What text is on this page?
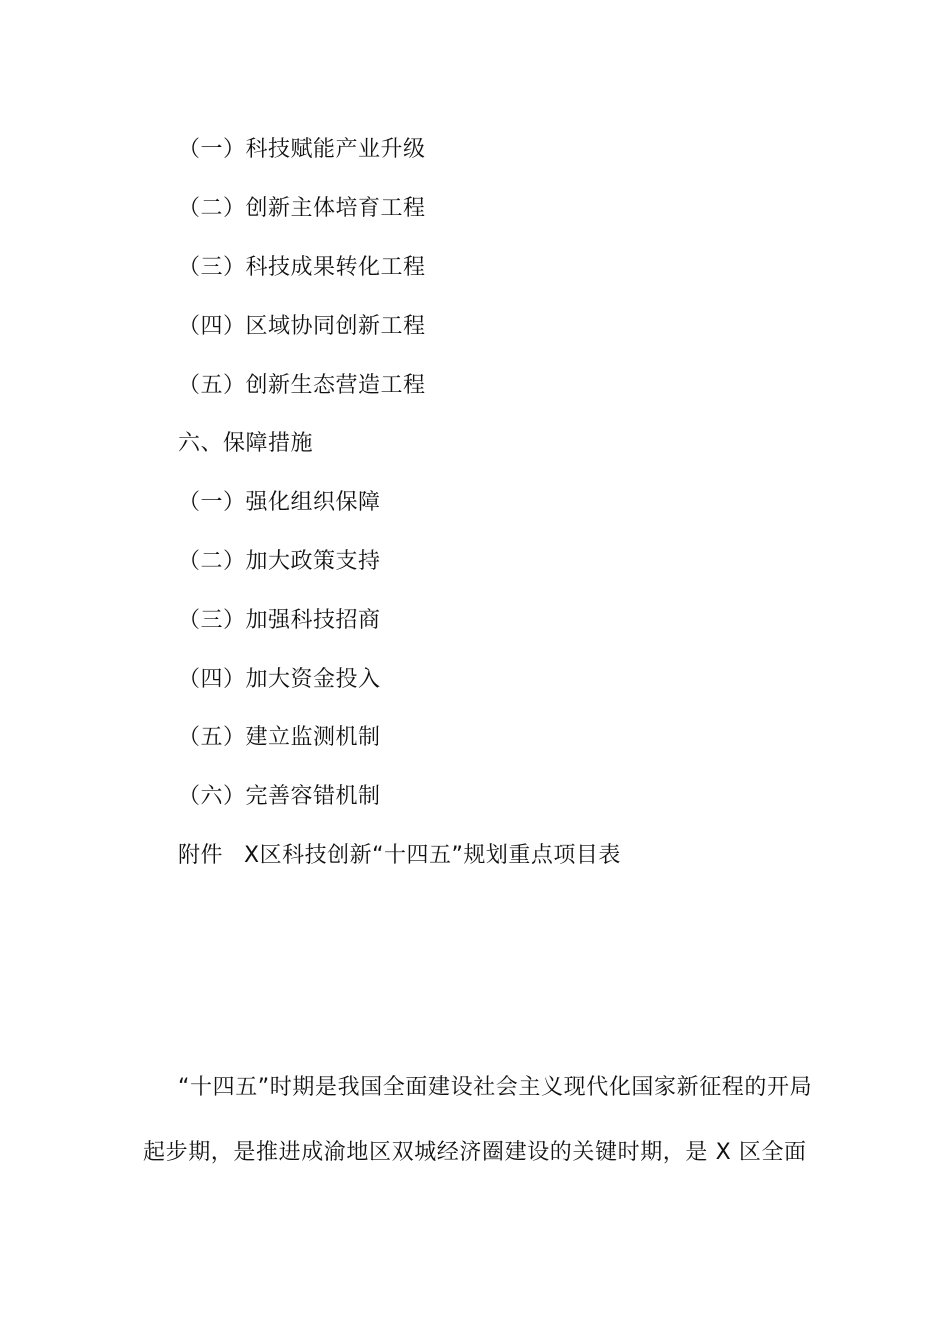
（一）科技赋能产业升级
（二）创新主体培育工程
（三）科技成果转化工程
（四）区域协同创新工程
（五）创新生态营造工程
六、保障措施
（一）强化组织保障
（二）加大政策支持
（三）加强科技招商
（四）加大资金投入
（五）建立监测机制
（六）完善容错机制
附件 X区科技创新“十四五”规划重点项目表
“十四五”时期是我国全面建设社会主义现代化国家新征程的开局
起步期，是推进成渝地区双城经济圈建设的关键时期，是 X 区全面
